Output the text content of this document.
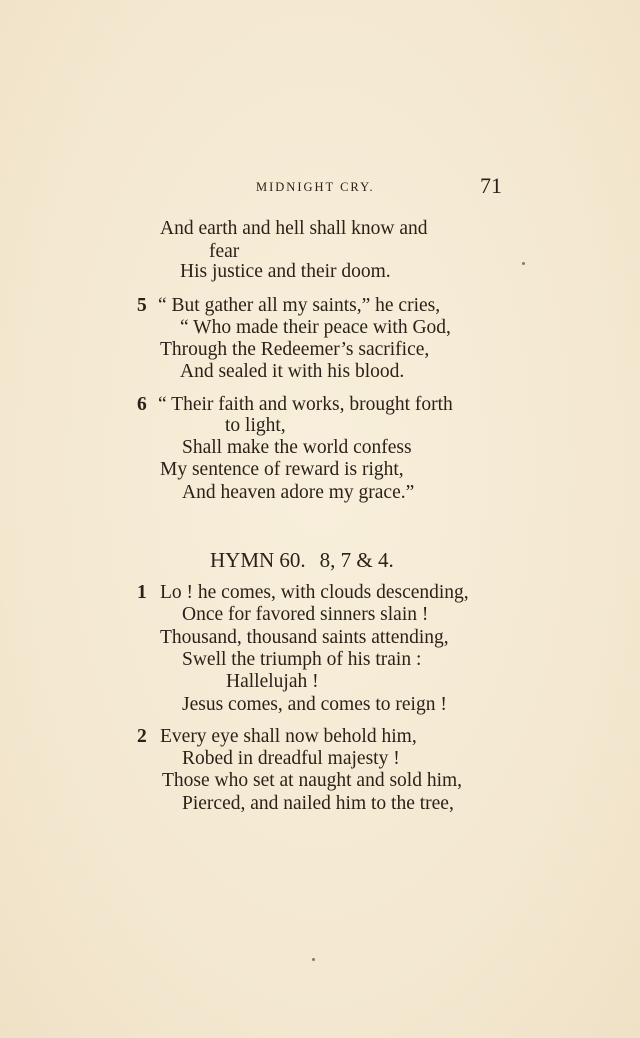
MIDNIGHT CRY.	71
And earth and hell shall know and
fear
His justice and their doom.
5 “ But gather all my saints,” he cries,
“ Who made their peace with God,
Through the Redeemer’s sacrifice,
And sealed it with his blood.
6 “ Their faith and works, brought forth
to light,
Shall make the world confess
My sentence of reward is right,
And heaven adore my grace.”
HYMN 60. 8, 7 & 4.
1 Lo ! he comes, with clouds descending,
Once for favored sinners slain !
Thousand, thousand saints attending,
Swell the triumph of his train :
Hallelujah !
Jesus comes, and comes to reign !
2 Every eye shall now behold him,
Robed in dreadful majesty !
Those who set at naught and sold him,
Pierced, and nailed him to the tree,
